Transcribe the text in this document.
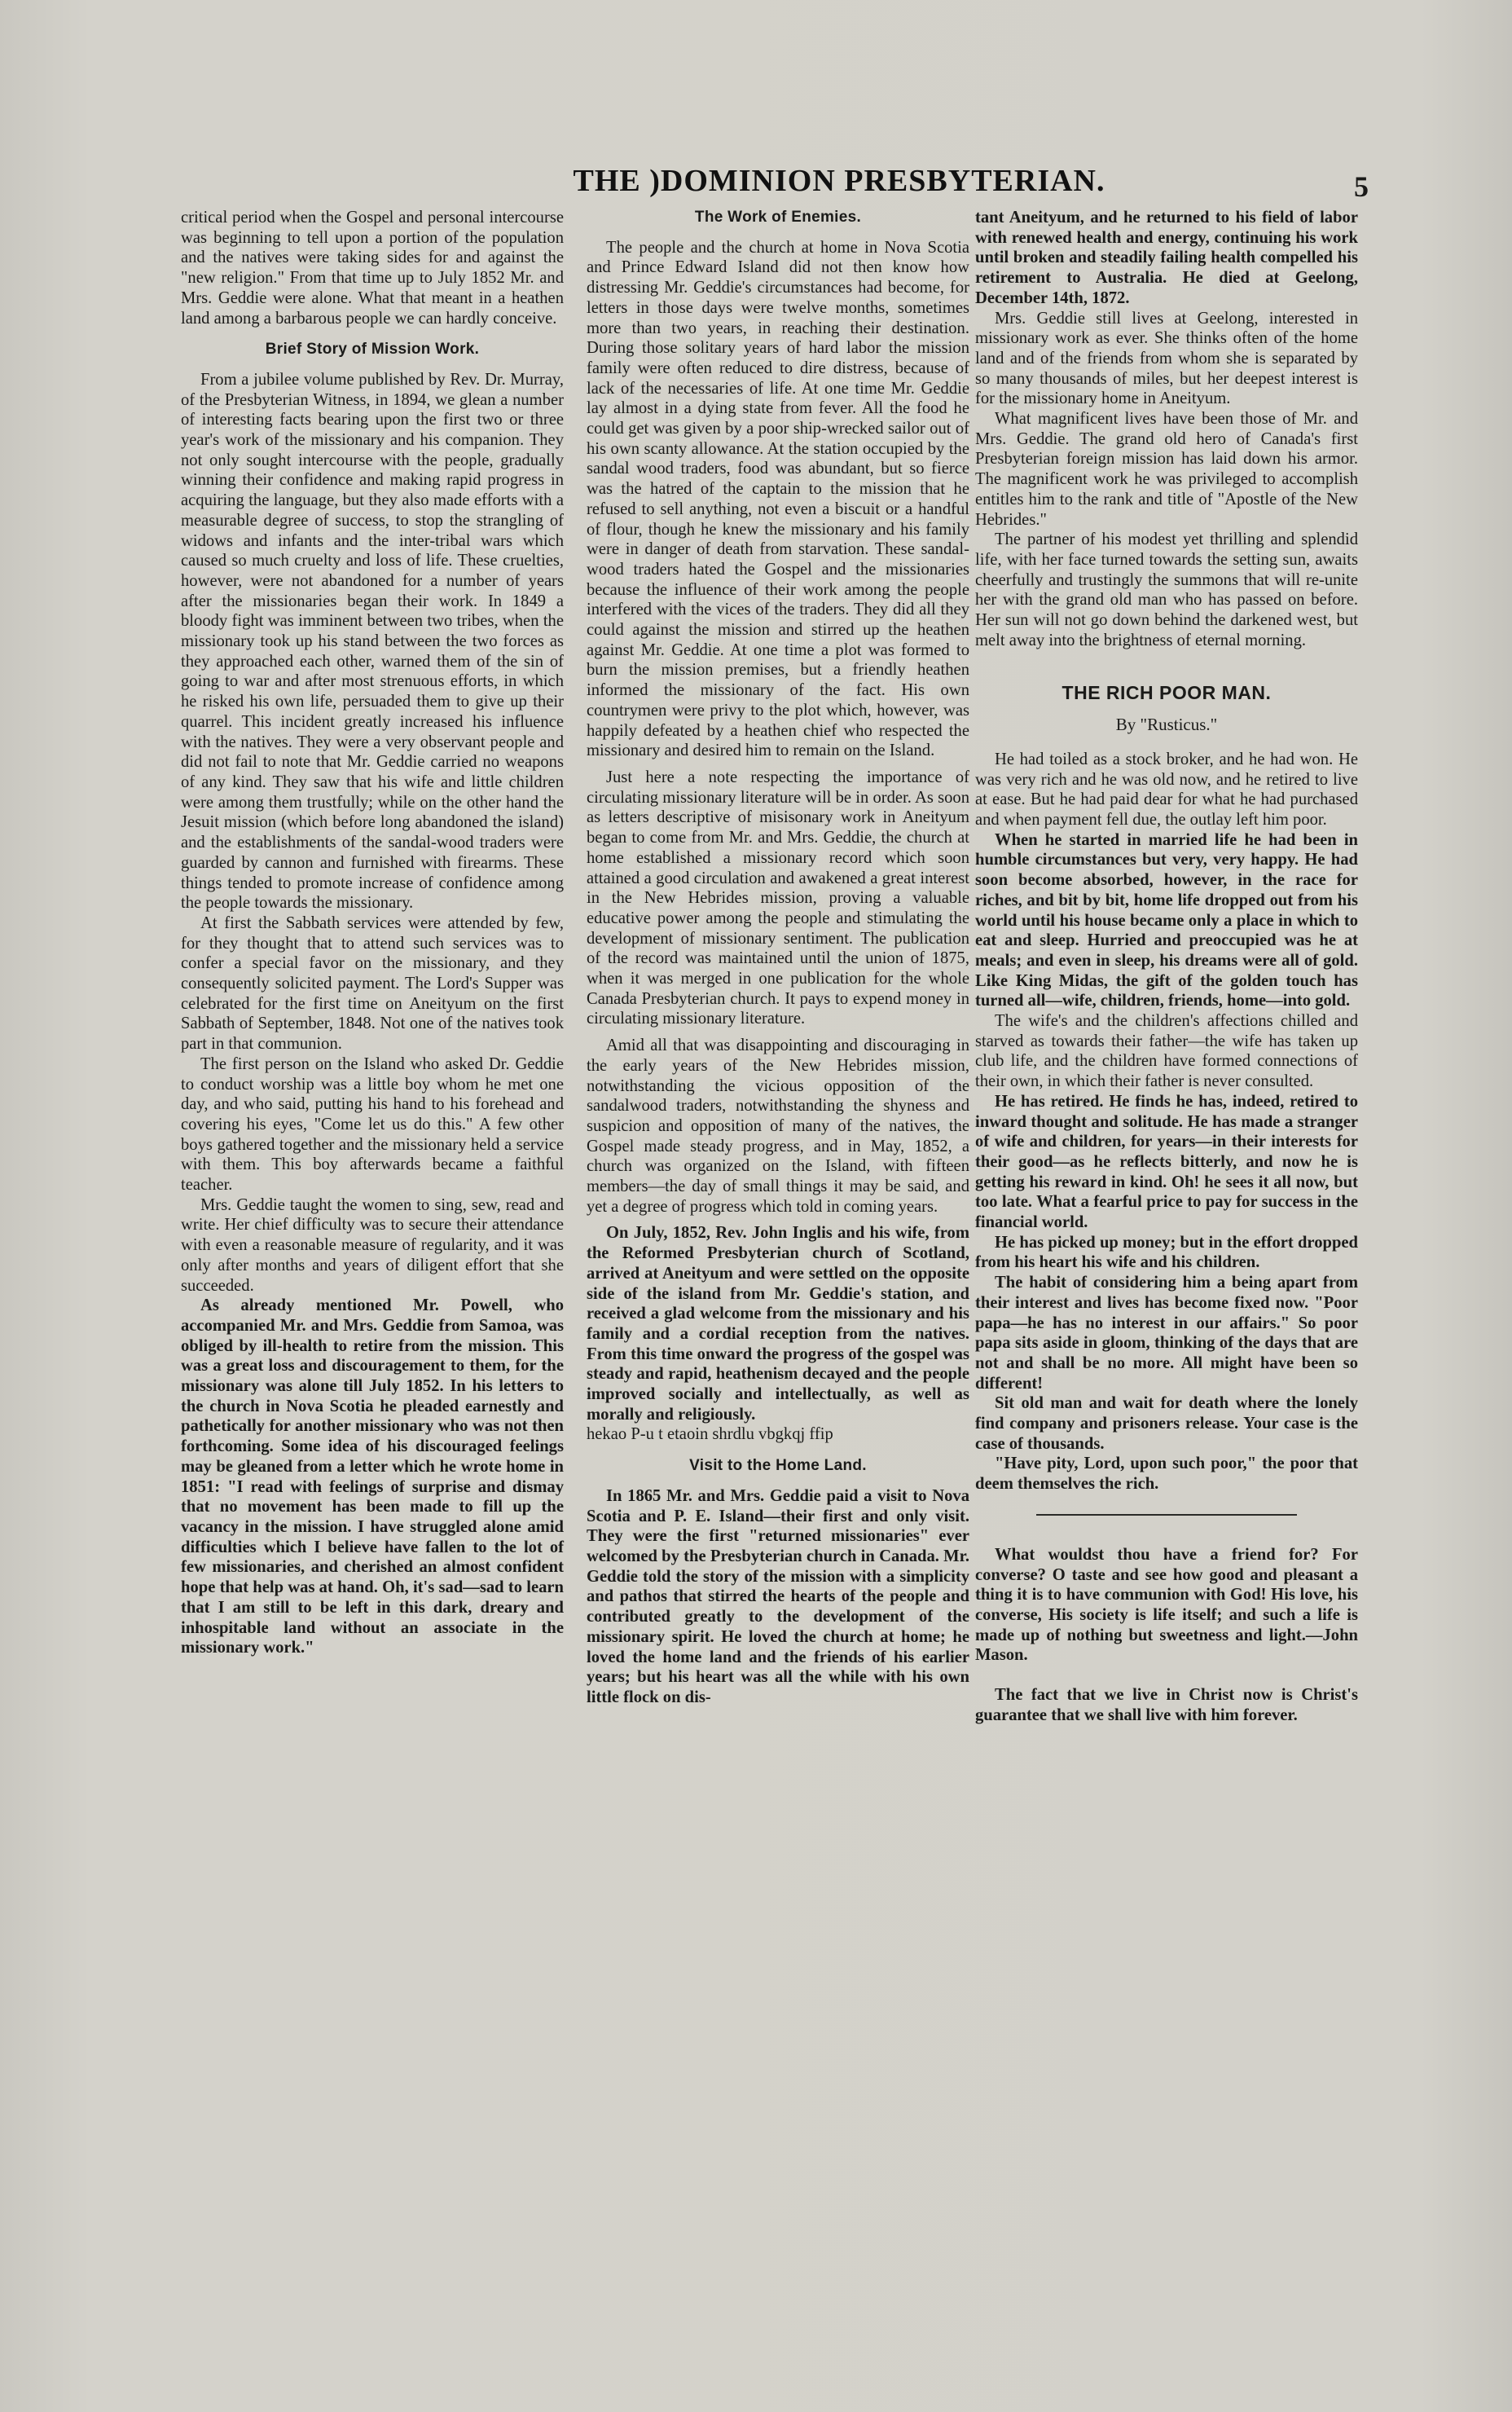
THE )DOMINION PRESBYTERIAN.	5

critical period when the Gospel and personal intercourse was beginning to tell upon a portion of the population and the natives were taking sides for and against the "new religion." From that time up to July 1852 Mr. and Mrs. Geddie were alone. What that meant in a heathen land among a barbarous people we can hardly conceive.

Brief Story of Mission Work.

From a jubilee volume published by Rev. Dr. Murray, of the Presbyterian Witness, in 1894, we glean a number of interesting facts bearing upon the first two or three year's work of the missionary and his companion. They not only sought intercourse with the people, gradually winning their confidence and making rapid progress in acquiring the language, but they also made efforts with a measurable degree of success, to stop the strangling of widows and infants and the inter-tribal wars which caused so much cruelty and loss of life. These cruelties, however, were not abandoned for a number of years after the missionaries began their work. In 1849 a bloody fight was imminent between two tribes, when the missionary took up his stand between the two forces as they approached each other, warned them of the sin of going to war and after most strenuous efforts, in which he risked his own life, persuaded them to give up their quarrel. This incident greatly increased his influence with the natives. They were a very observant people and did not fail to note that Mr. Geddie carried no weapons of any kind. They saw that his wife and little children were among them trustfully; while on the other hand the Jesuit mission (which before long abandoned the island) and the establishments of the sandal-wood traders were guarded by cannon and furnished with firearms. These things tended to promote increase of confidence among the people towards the missionary.

At first the Sabbath services were attended by few, for they thought that to attend such services was to confer a special favor on the missionary, and they consequently solicited payment. The Lord's Supper was celebrated for the first time on Aneityum on the first Sabbath of September, 1848. Not one of the natives took part in that communion.

The first person on the Island who asked Dr. Geddie to conduct worship was a little boy whom he met one day, and who said, putting his hand to his forehead and covering his eyes, "Come let us do this." A few other boys gathered together and the missionary held a service with them. This boy afterwards became a faithful teacher.

Mrs. Geddie taught the women to sing, sew, read and write. Her chief difficulty was to secure their attendance with even a reasonable measure of regularity, and it was only after months and years of diligent effort that she succeeded.

As already mentioned Mr. Powell, who accompanied Mr. and Mrs. Geddie from Samoa, was obliged by ill-health to retire from the mission. This was a great loss and discouragement to them, for the missionary was alone till July 1852. In his letters to the church in Nova Scotia he pleaded earnestly and pathetically for another missionary who was not then forthcoming. Some idea of his discouraged feelings may be gleaned from a letter which he wrote home in 1851: "I read with feelings of surprise and dismay that no movement has been made to fill up the vacancy in the mission. I have struggled alone amid difficulties which I believe have fallen to the lot of few missionaries, and cherished an almost confident hope that help was at hand. Oh, it's sad—sad to learn that I am still to be left in this dark, dreary and inhospitable land without an associate in the missionary work."

The Work of Enemies.

The people and the church at home in Nova Scotia and Prince Edward Island did not then know how distressing Mr. Geddie's circumstances had become, for letters in those days were twelve months, sometimes more than two years, in reaching their destination. During those solitary years of hard labor the mission family were often reduced to dire distress, because of lack of the necessaries of life. At one time Mr. Geddie lay almost in a dying state from fever. All the food he could get was given by a poor ship-wrecked sailor out of his own scanty allowance. At the station occupied by the sandal wood traders, food was abundant, but so fierce was the hatred of the captain to the mission that he refused to sell anything, not even a biscuit or a handful of flour, though he knew the missionary and his family were in danger of death from starvation. These sandal-wood traders hated the Gospel and the missionaries because the influence of their work among the people interfered with the vices of the traders. They did all they could against the mission and stirred up the heathen against Mr. Geddie. At one time a plot was formed to burn the mission premises, but a friendly heathen informed the missionary of the fact. His own countrymen were privy to the plot which, however, was happily defeated by a heathen chief who respected the missionary and desired him to remain on the Island.

Just here a note respecting the importance of circulating missionary literature will be in order. As soon as letters descriptive of misisonary work in Aneityum began to come from Mr. and Mrs. Geddie, the church at home established a missionary record which soon attained a good circulation and awakened a great interest in the New Hebrides mission, proving a valuable educative power among the people and stimulating the development of missionary sentiment. The publication of the record was maintained until the union of 1875, when it was merged in one publication for the whole Canada Presbyterian church. It pays to expend money in circulating missionary literature.

Amid all that was disappointing and discouraging in the early years of the New Hebrides mission, notwithstanding the vicious opposition of the sandalwood traders, notwithstanding the shyness and suspicion and opposition of many of the natives, the Gospel made steady progress, and in May, 1852, a church was organized on the Island, with fifteen members—the day of small things it may be said, and yet a degree of progress which told in coming years.

On July, 1852, Rev. John Inglis and his wife, from the Reformed Presbyterian church of Scotland, arrived at Aneityum and were settled on the opposite side of the island from Mr. Geddie's station, and received a glad welcome from the missionary and his family and a cordial reception from the natives. From this time onward the progress of the gospel was steady and rapid, heathenism decayed and the people improved socially and intellectually, as well as morally and religiously.

hekao P-u t etaoin shrdlu vbgkqj ffip

Visit to the Home Land.

In 1865 Mr. and Mrs. Geddie paid a visit to Nova Scotia and P. E. Island—their first and only visit. They were the first "returned missionaries" ever welcomed by the Presbyterian church in Canada. Mr. Geddie told the story of the mission with a simplicity and pathos that stirred the hearts of the people and contributed greatly to the development of the missionary spirit. He loved the church at home; he loved the home land and the friends of his earlier years; but his heart was all the while with his own little flock on dis-

tant Aneityum, and he returned to his field of labor with renewed health and energy, continuing his work until broken and steadily failing health compelled his retirement to Australia. He died at Geelong, December 14th, 1872.

Mrs. Geddie still lives at Geelong, interested in missionary work as ever. She thinks often of the home land and of the friends from whom she is separated by so many thousands of miles, but her deepest interest is for the missionary home in Aneityum.

What magnificent lives have been those of Mr. and Mrs. Geddie. The grand old hero of Canada's first Presbyterian foreign mission has laid down his armor. The magnificent work he was privileged to accomplish entitles him to the rank and title of "Apostle of the New Hebrides."

The partner of his modest yet thrilling and splendid life, with her face turned towards the setting sun, awaits cheerfully and trustingly the summons that will re-unite her with the grand old man who has passed on before. Her sun will not go down behind the darkened west, but melt away into the brightness of eternal morning.

THE RICH POOR MAN.
By "Rusticus."

He had toiled as a stock broker, and he had won. He was very rich and he was old now, and he retired to live at ease. But he had paid dear for what he had purchased and when payment fell due, the outlay left him poor.

When he started in married life he had been in humble circumstances but very, very happy. He had soon become absorbed, however, in the race for riches, and bit by bit, home life dropped out from his world until his house became only a place in which to eat and sleep. Hurried and preoccupied was he at meals; and even in sleep, his dreams were all of gold. Like King Midas, the gift of the golden touch has turned all—wife, children, friends, home—into gold.

The wife's and the children's affections chilled and starved as towards their father—the wife has taken up club life, and the children have formed connections of their own, in which their father is never consulted.

He has retired. He finds he has, indeed, retired to inward thought and solitude. He has made a stranger of wife and children, for years—in their interests for their good—as he reflects bitterly, and now he is getting his reward in kind. Oh! he sees it all now, but too late. What a fearful price to pay for success in the financial world.

He has picked up money; but in the effort dropped from his heart his wife and his children.

The habit of considering him a being apart from their interest and lives has become fixed now. "Poor papa—he has no interest in our affairs." So poor papa sits aside in gloom, thinking of the days that are not and shall be no more. All might have been so different!

Sit old man and wait for death where the lonely find company and prisoners release. Your case is the case of thousands.

"Have pity, Lord, upon such poor," the poor that deem themselves the rich.

What wouldst thou have a friend for? For converse? O taste and see how good and pleasant a thing it is to have communion with God! His love, his converse, His society is life itself; and such a life is made up of nothing but sweetness and light.—John Mason.

The fact that we live in Christ now is Christ's guarantee that we shall live with him forever.
